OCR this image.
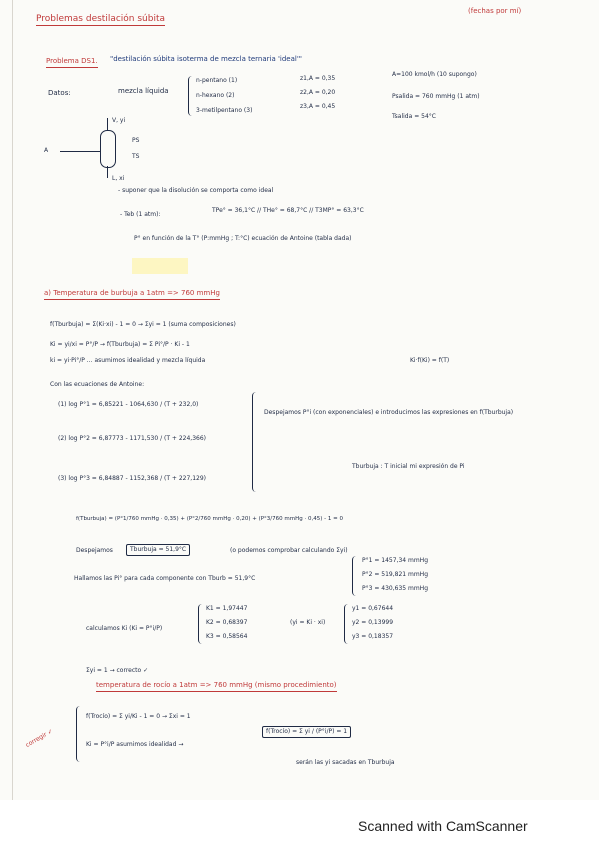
Problemas destilación súbita
(fechas por mí)
Problema DS1. "destilación súbita isoterma de mezcla ternaria 'ideal'"
Datos:	mezcla líquida
n-pentano (1)
n-hexano (2)
3-metilpentano (3)
z1,A = 0,35
z2,A = 0,20
z3,A = 0,45
A=100 kmol/h (10 supongo)
Psalida = 760 mmHg (1 atm)
Tsalida = 54°C
V, yi
PS
TS
L, xi
A
- suponer que la disolución se comporta como ideal
- Teb (1 atm):
TPe° = 36,1°C // THe° = 68,7°C // T3MP° = 63,3°C
P° en función de la T° (P:mmHg ; T:°C) ecuación de Antoine (tabla dada)
a) Temperatura de burbuja a 1atm => 760 mmHg
f(Tburbuja) = Σ(Ki·xi) - 1 = 0 → Σyi = 1 (suma composiciones)
Ki = yi/xi = P°/P → f(Tburbuja) = Σ Pi°/P · Ki - 1
ki = yi·Pi°/P ... asumimos idealidad y mezcla líquida	Ki·f(Ki) = f(T)
Con las ecuaciones de Antoine:
(1) log P°1 = 6,85221 - 1064,630 / (T + 232,0)
(2) log P°2 = 6,87773 - 1171,530 / (T + 224,366)
(3) log P°3 = 6,84887 - 1152,368 / (T + 227,129)
Despejamos P°i (con exponenciales) e introducimos las expresiones en f(Tburbuja)
Tburbuja : T inicial mi expresión de Pi
f(Tburbuja) = (P°1/760 mmHg · 0,35) + (P°2/760 mmHg · 0,20) + (P°3/760 mmHg · 0,45) - 1 = 0
Despejamos	Tburbuja = 51,9°C	(o podemos comprobar calculando Σyi)
Hallamos las Pi° para cada componente con Tburb = 51,9°C
P°1 = 1457,34 mmHg
P°2 = 519,821 mmHg
P°3 = 430,635 mmHg
calculamos Ki (Ki = P°i/P)
K1 = 1,97447
K2 = 0,68397
K3 = 0,58564
(yi = Ki · xi)
y1 = 0,67644
y2 = 0,13999
y3 = 0,18357
Σyi = 1 → correcto ✓
temperatura de rocío a 1atm => 760 mmHg (mismo procedimiento)
corregir ✓
f(Trocío) = Σ yi/Ki - 1 = 0 → Σxi = 1
Ki = P°i/P asumimos idealidad →
f(Trocío) = Σ yi / (P°i/P) = 1
serán las yi sacadas en Tburbuja
Scanned with CamScanner
